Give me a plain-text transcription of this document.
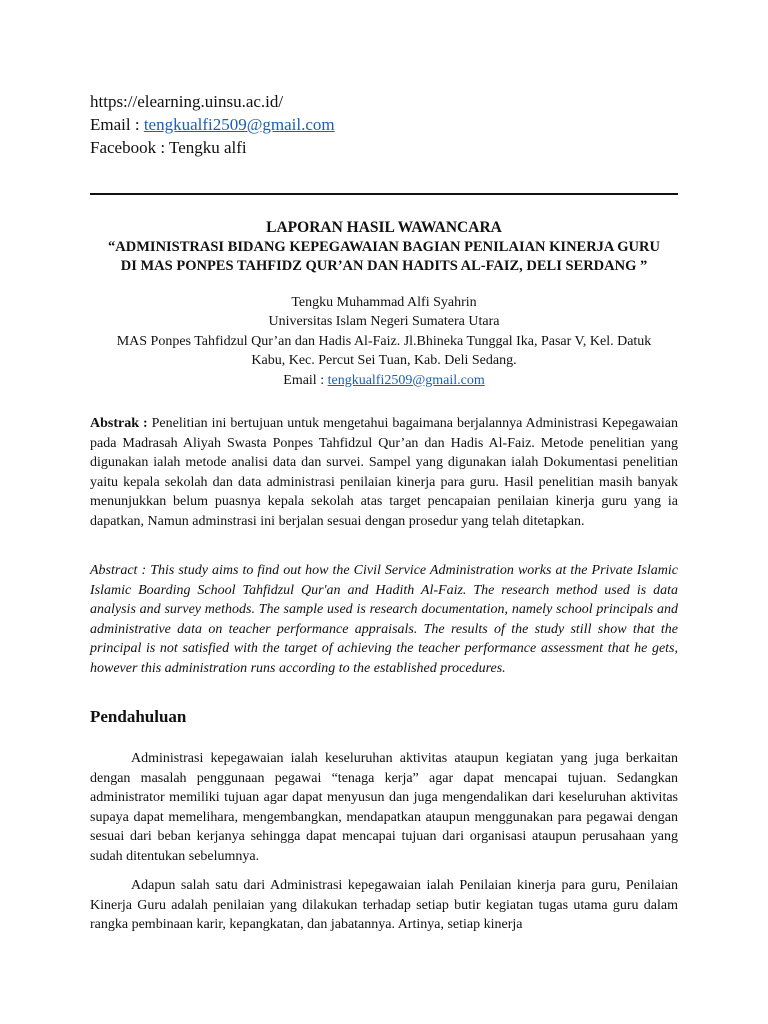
https://elearning.uinsu.ac.id/
Email : tengkualfi2509@gmail.com
Facebook : Tengku alfi
LAPORAN HASIL WAWANCARA
“ADMINISTRASI BIDANG KEPEGAWAIAN BAGIAN PENILAIAN KINERJA GURU
DI MAS PONPES TAHFIDZ QUR’AN DAN HADITS AL-FAIZ, DELI SERDANG ”
Tengku Muhammad Alfi Syahrin
Universitas Islam Negeri Sumatera Utara
MAS Ponpes Tahfidzul Qur’an dan Hadis Al-Faiz. Jl.Bhineka Tunggal Ika, Pasar V, Kel. Datuk
Kabu, Kec. Percut Sei Tuan, Kab. Deli Sedang.
Email : tengkualfi2509@gmail.com

Abstrak : Penelitian ini bertujuan untuk mengetahui bagaimana berjalannya Administrasi Kepegawaian pada Madrasah Aliyah Swasta Ponpes Tahfidzul Qur’an dan Hadis Al-Faiz. Metode penelitian yang digunakan ialah metode analisi data dan survei. Sampel yang digunakan ialah Dokumentasi penelitian yaitu kepala sekolah dan data administrasi penilaian kinerja para guru. Hasil penelitian masih banyak menunjukkan belum puasnya kepala sekolah atas target pencapaian penilaian kinerja guru yang ia dapatkan, Namun adminstrasi ini berjalan sesuai dengan prosedur yang telah ditetapkan.

Abstract : This study aims to find out how the Civil Service Administration works at the Private Islamic Islamic Boarding School Tahfidzul Qur'an and Hadith Al-Faiz. The research method used is data analysis and survey methods. The sample used is research documentation, namely school principals and administrative data on teacher performance appraisals. The results of the study still show that the principal is not satisfied with the target of achieving the teacher performance assessment that he gets, however this administration runs according to the established procedures.

Pendahuluan

Administrasi kepegawaian ialah keseluruhan aktivitas ataupun kegiatan yang juga berkaitan dengan masalah penggunaan pegawai “tenaga kerja” agar dapat mencapai tujuan. Sedangkan administrator memiliki tujuan agar dapat menyusun dan juga mengendalikan dari keseluruhan aktivitas supaya dapat memelihara, mengembangkan, mendapatkan ataupun menggunakan para pegawai dengan sesuai dari beban kerjanya sehingga dapat mencapai tujuan dari organisasi ataupun perusahaan yang sudah ditentukan sebelumnya.

Adapun salah satu dari Administrasi kepegawaian ialah Penilaian kinerja para guru, Penilaian Kinerja Guru adalah penilaian yang dilakukan terhadap setiap butir kegiatan tugas utama guru dalam rangka pembinaan karir, kepangkatan, dan jabatannya. Artinya, setiap kinerja
